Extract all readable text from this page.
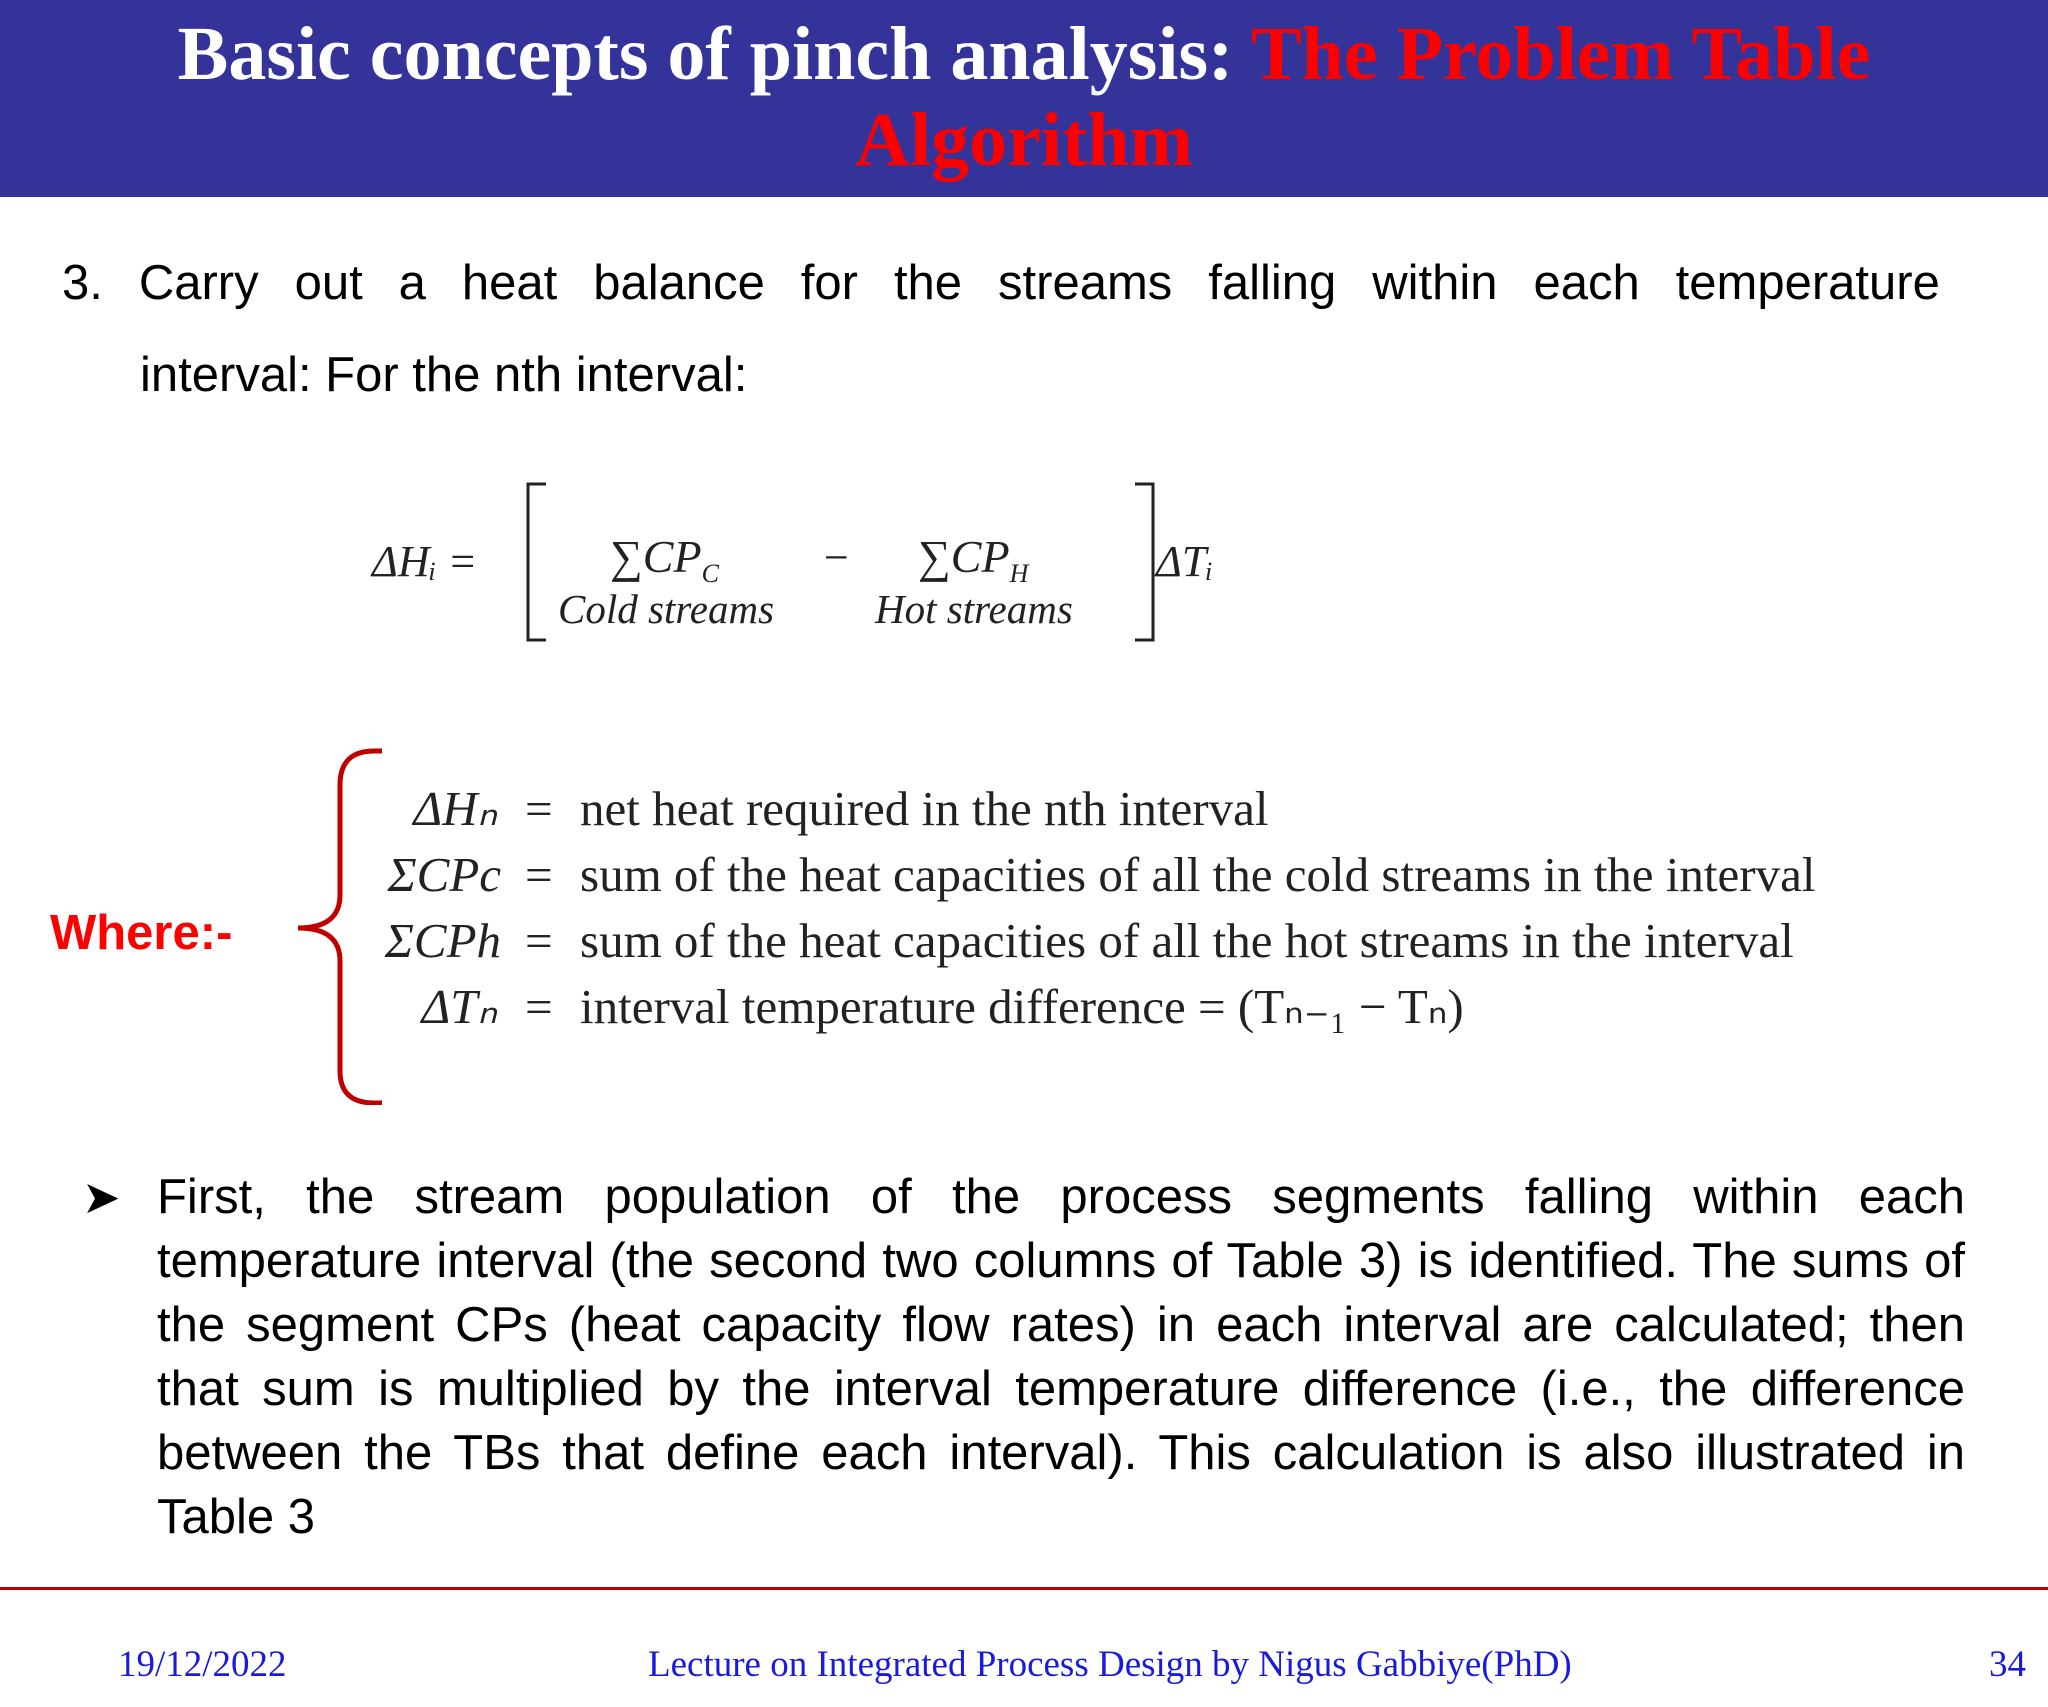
Basic concepts of pinch analysis: The Problem Table Algorithm
3. Carry out a heat balance for the streams falling within each temperature
interval: For the nth interval:
ΔHᵢ =	$\sum CP_C$
Cold streams
− $\sum CP_H$
Hot streams
ΔTᵢ
Where:-
ΔHₙ = net heat required in the nth interval
ΣCPc = sum of the heat capacities of all the cold streams in the interval
ΣCPh = sum of the heat capacities of all the hot streams in the interval
ΔTₙ = interval temperature difference = (Tₙ₋₁ − Tₙ)
➤ First, the stream population of the process segments falling within each temperature interval (the second two columns of Table 3) is identified. The sums of the segment CPs (heat capacity flow rates) in each interval are calculated; then that sum is multiplied by the interval temperature difference (i.e., the difference between the TBs that define each interval). This calculation is also illustrated in Table 3
19/12/2022	Lecture on Integrated Process Design by Nigus Gabbiye(PhD)	34
